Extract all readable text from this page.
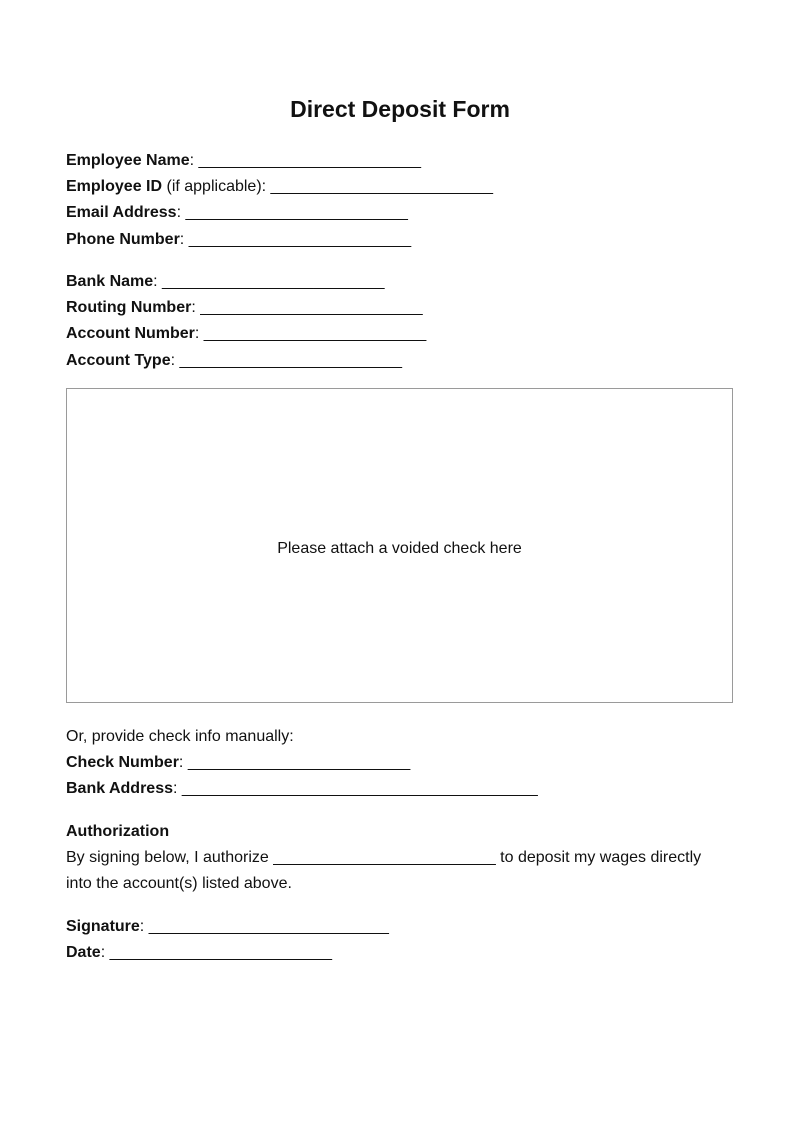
Direct Deposit Form
Employee Name: _________________________
Employee ID (if applicable): _________________________
Email Address: _________________________
Phone Number: _________________________
Bank Name: _________________________
Routing Number: _________________________
Account Number: _________________________
Account Type: _________________________
Please attach a voided check here
Or, provide check info manually:
Check Number: _________________________
Bank Address: ________________________________________
Authorization
By signing below, I authorize _________________________ to deposit my wages directly
into the account(s) listed above.
Signature: ___________________________
Date: _________________________
